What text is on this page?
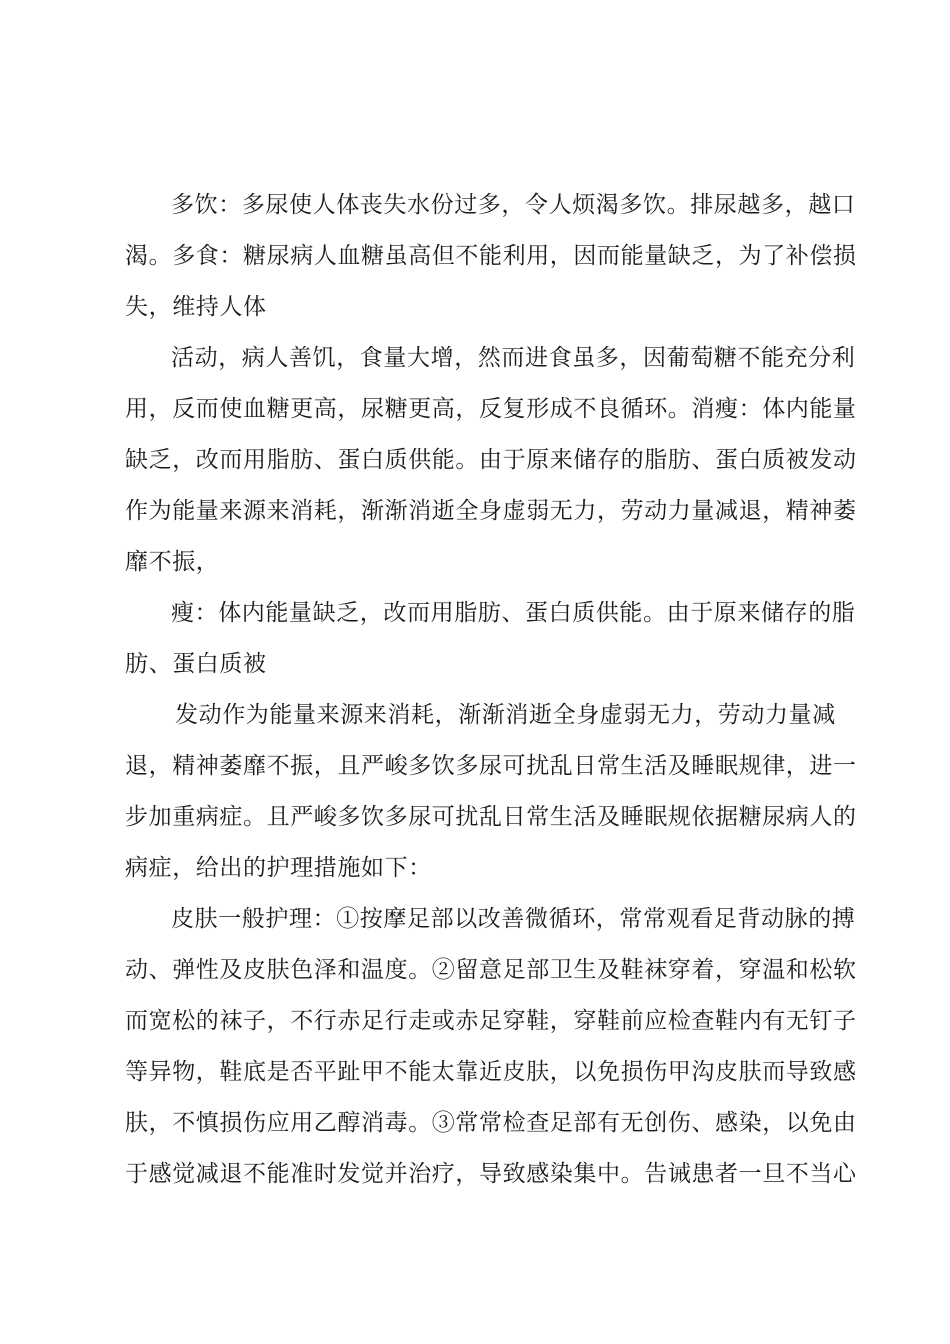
多饮：多尿使人体丧失水份过多，令人烦渴多饮。排尿越多，越口
渴。多食：糖尿病人血糖虽高但不能利用，因而能量缺乏，为了补偿损
失，维持人体

活动，病人善饥，食量大增，然而进食虽多，因葡萄糖不能充分利
用，反而使血糖更高，尿糖更高，反复形成不良循环。消瘦：体内能量
缺乏，改而用脂肪、蛋白质供能。由于原来储存的脂肪、蛋白质被发动
作为能量来源来消耗，渐渐消逝全身虚弱无力，劳动力量减退，精神萎
靡不振，

瘦：体内能量缺乏，改而用脂肪、蛋白质供能。由于原来储存的脂
肪、蛋白质被

发动作为能量来源来消耗，渐渐消逝全身虚弱无力，劳动力量减
退，精神萎靡不振，且严峻多饮多尿可扰乱日常生活及睡眠规律，进一
步加重病症。且严峻多饮多尿可扰乱日常生活及睡眠规依据糖尿病人的
病症，给出的护理措施如下：

皮肤一般护理：①按摩足部以改善微循环，常常观看足背动脉的搏
动、弹性及皮肤色泽和温度。②留意足部卫生及鞋袜穿着，穿温和松软
而宽松的袜子，不行赤足行走或赤足穿鞋，穿鞋前应检查鞋内有无钉子
等异物，鞋底是否平趾甲不能太靠近皮肤，以免损伤甲沟皮肤而导致感
肤，不慎损伤应用乙醇消毒。③常常检查足部有无创伤、感染，以免由
于感觉减退不能准时发觉并治疗，导致感染集中。告诫患者一旦不当心
